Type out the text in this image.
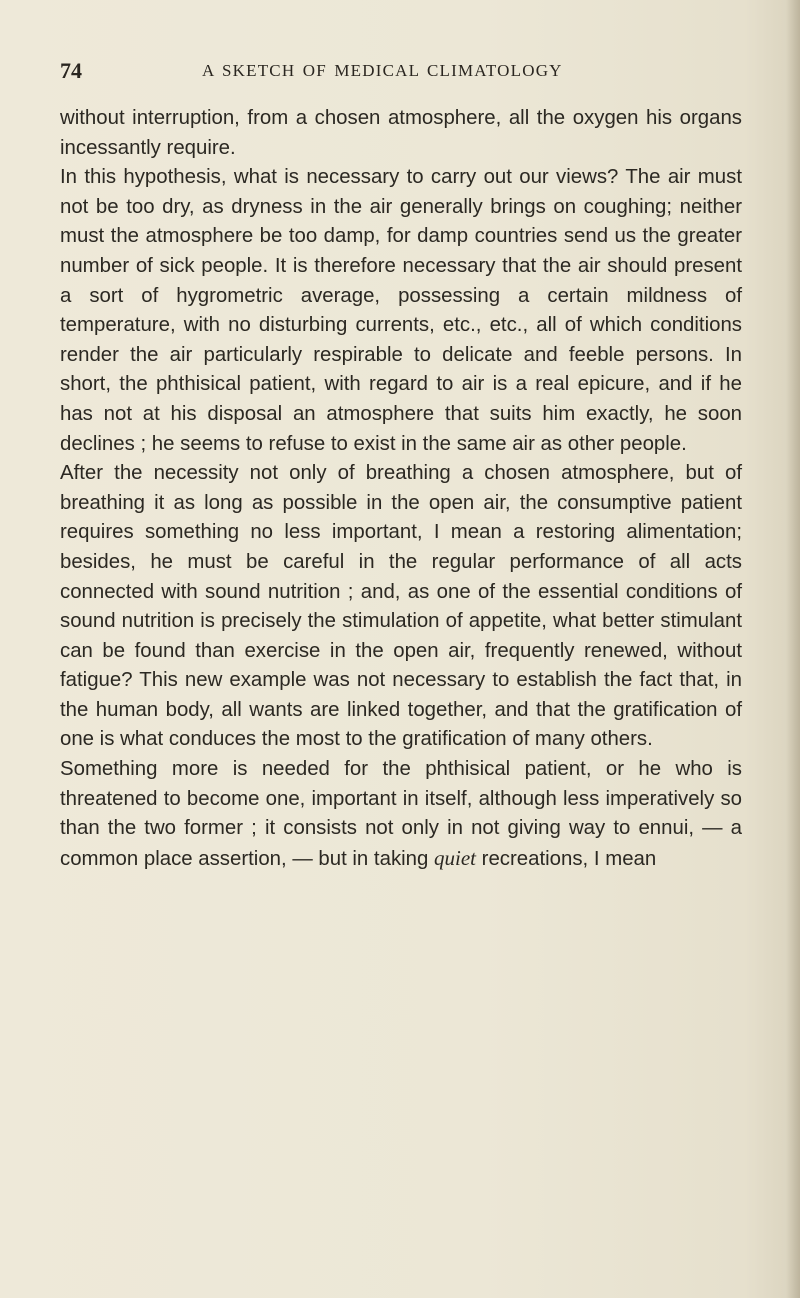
74	A SKETCH OF MEDICAL CLIMATOLOGY

without interruption, from a chosen atmosphere, all the oxygen his organs incessantly require.

In this hypothesis, what is necessary to carry out our views? The air must not be too dry, as dryness in the air generally brings on coughing; neither must the atmosphere be too damp, for damp countries send us the greater number of sick people. It is therefore necessary that the air should present a sort of hygrometric average, possessing a certain mildness of temperature, with no disturbing currents, etc., etc., all of which conditions render the air particularly respirable to delicate and feeble persons. In short, the phthisical patient, with regard to air is a real epicure, and if he has not at his disposal an atmosphere that suits him exactly, he soon declines ; he seems to refuse to exist in the same air as other people.

After the necessity not only of breathing a chosen atmosphere, but of breathing it as long as possible in the open air, the consumptive patient requires something no less important, I mean a restoring alimentation; besides, he must be careful in the regular performance of all acts connected with sound nutrition ; and, as one of the essential conditions of sound nutrition is precisely the stimulation of appetite, what better stimulant can be found than exercise in the open air, frequently renewed, without fatigue? This new example was not necessary to establish the fact that, in the human body, all wants are linked together, and that the gratification of one is what conduces the most to the gratification of many others.

Something more is needed for the phthisical patient, or he who is threatened to become one, important in itself, although less imperatively so than the two former ; it consists not only in not giving way to ennui, — a common place assertion, — but in taking quiet recreations, I mean
